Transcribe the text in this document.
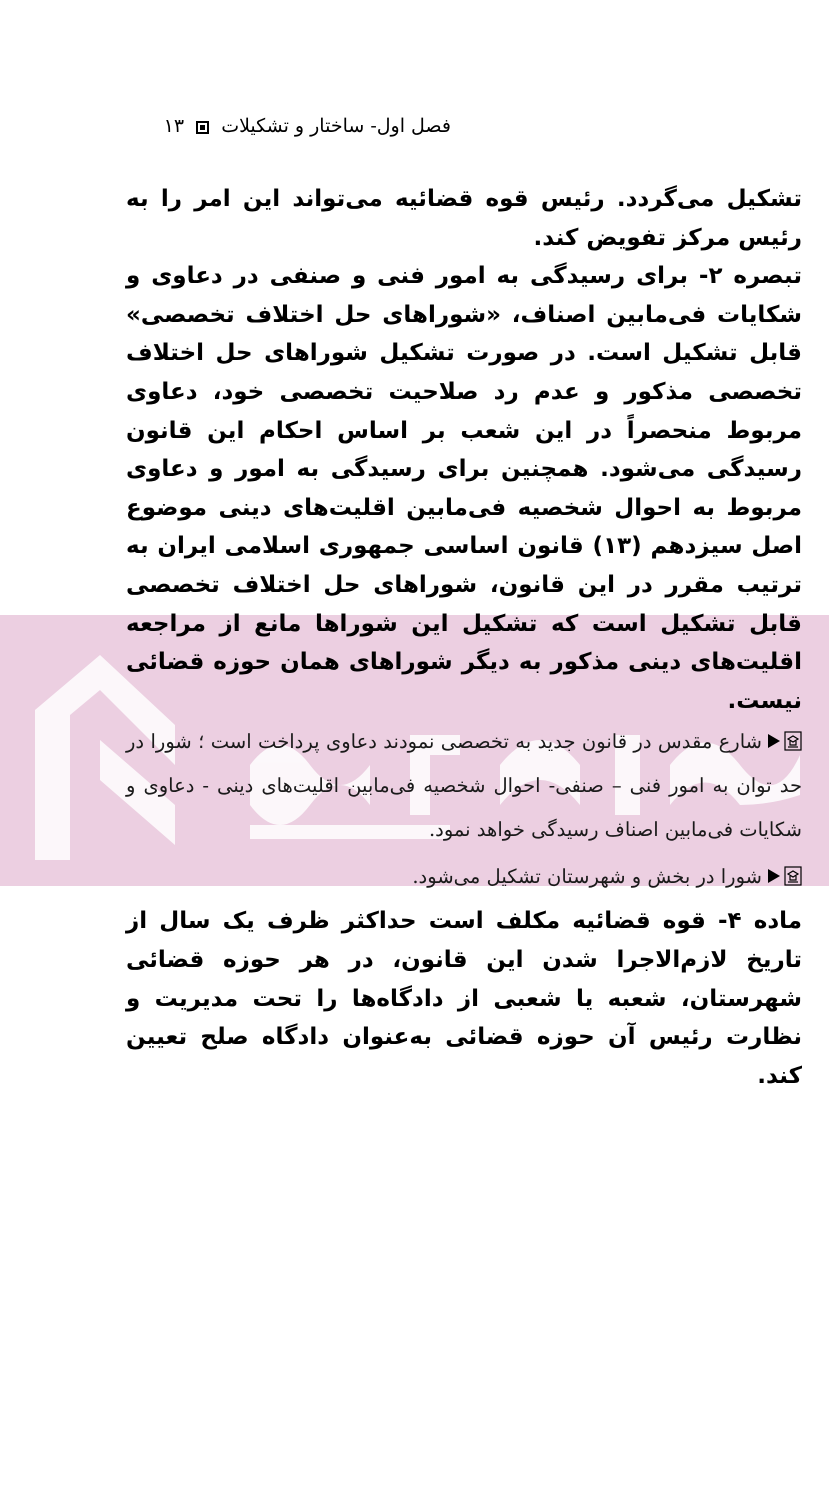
فصل اول- ساختار و تشکیلات  ۱۳

تشکیل می‌گردد. رئیس قوه قضائیه می‌تواند این امر را به رئیس مرکز تفویض کند.

تبصره ۲- برای رسیدگی به امور فنی و صنفی در دعاوی و شکایات فی‌مابین اصناف، «شوراهای حل اختلاف تخصصی» قابل تشکیل است. در صورت تشکیل شوراهای حل اختلاف تخصصی مذکور و عدم رد صلاحیت تخصصی خود، دعاوی مربوط منحصراً در این شعب بر اساس احکام این قانون رسیدگی می‌شود. همچنین برای رسیدگی به امور و دعاوی مربوط به احوال شخصیه فی‌مابین اقلیت‌های دینی موضوع اصل سیزدهم (۱۳) قانون اساسی جمهوری اسلامی ایران به ترتیب مقرر در این قانون، شوراهای حل اختلاف تخصصی قابل تشکیل است که تشکیل این شوراها مانع از مراجعه اقلیت‌های دینی مذکور به دیگر شوراهای همان حوزه قضائی نیست.

شارع مقدس در قانون جدید به تخصصی نمودند دعاوی پرداخت است ؛ شورا در حد توان به امور فنی – صنفی- احوال شخصیه فی‌مابین اقلیت‌های دینی - دعاوی و شکایات فی‌مابین اصناف رسیدگی خواهد نمود.

شورا در بخش و شهرستان تشکیل می‌شود.

ماده ۴- قوه قضائیه مکلف است حداکثر ظرف یک سال از تاریخ لازم‌الاجرا شدن این قانون، در هر حوزه قضائی شهرستان، شعبه یا شعبی از دادگاه‌ها را تحت مدیریت و نظارت رئیس آن حوزه قضائی به‌عنوان دادگاه صلح تعیین کند.
